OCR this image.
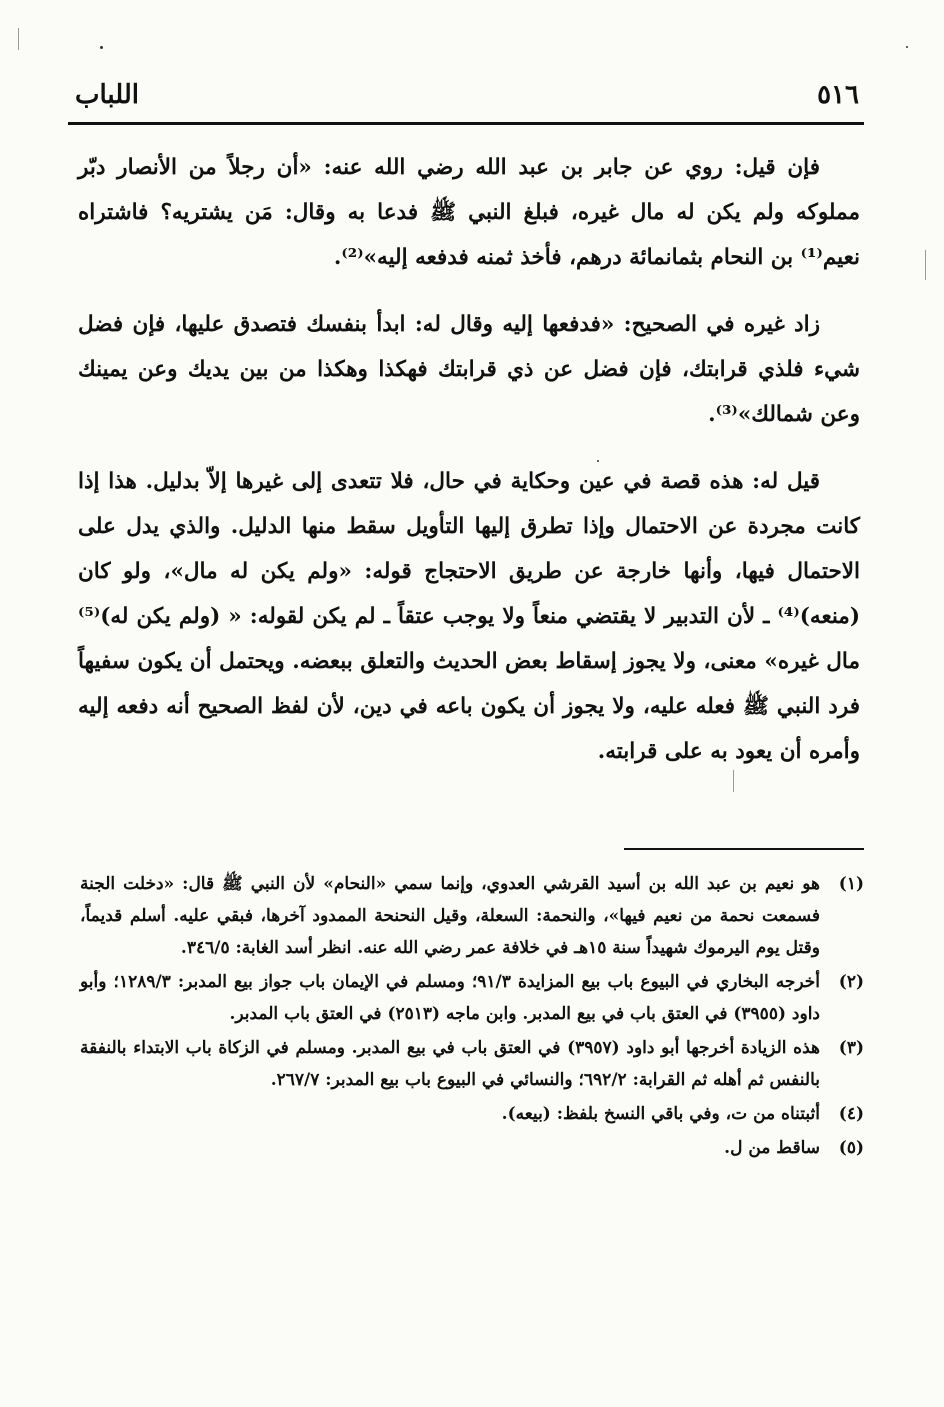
٥١٦
اللباب

فإن قيل: روي عن جابر بن عبد الله رضي الله عنه: «أن رجلاً من الأنصار دبّر مملوكه ولم يكن له مال غيره، فبلغ النبي ﷺ فدعا به وقال: مَن يشتريه؟ فاشتراه نعيم⁽¹⁾ بن النحام بثمانمائة درهم، فأخذ ثمنه فدفعه إليه»⁽²⁾.

زاد غيره في الصحيح: «فدفعها إليه وقال له: ابدأ بنفسك فتصدق عليها، فإن فضل شيء فلذي قرابتك، فإن فضل عن ذي قرابتك فهكذا وهكذا من بين يديك وعن يمينك وعن شمالك»⁽³⁾.

قيل له: هذه قصة في عين وحكاية في حال، فلا تتعدى إلى غيرها إلاّ بدليل. هذا إذا كانت مجردة عن الاحتمال وإذا تطرق إليها التأويل سقط منها الدليل. والذي يدل على الاحتمال فيها، وأنها خارجة عن طريق الاحتجاج قوله: «ولم يكن له مال»، ولو كان (منعه)⁽⁴⁾ ـ لأن التدبير لا يقتضي منعاً ولا يوجب عتقاً ـ لم يكن لقوله: « (ولم يكن له)⁽⁵⁾ مال غيره» معنى، ولا يجوز إسقاط بعض الحديث والتعلق ببعضه. ويحتمل أن يكون سفيهاً فرد النبي ﷺ فعله عليه، ولا يجوز أن يكون باعه في دين، لأن لفظ الصحيح أنه دفعه إليه وأمره أن يعود به على قرابته.

(١)
هو نعيم بن عبد الله بن أسيد القرشي العدوي، وإنما سمي «النحام» لأن النبي ﷺ قال: «دخلت الجنة فسمعت نحمة من نعيم فيها»، والنحمة: السعلة، وقيل النحنحة الممدود آخرها، فبقي عليه. أسلم قديماً، وقتل يوم اليرموك شهيداً سنة ١٥هـ في خلافة عمر رضي الله عنه. انظر أسد الغابة: ٣٤٦/٥.
(٢)
أخرجه البخاري في البيوع باب بيع المزايدة ٩١/٣؛ ومسلم في الإيمان باب جواز بيع المدبر: ١٢٨٩/٣؛ وأبو داود (٣٩٥٥) في العتق باب في بيع المدبر. وابن ماجه (٢٥١٣) في العتق باب المدبر.
(٣)
هذه الزيادة أخرجها أبو داود (٣٩٥٧) في العتق باب في بيع المدبر. ومسلم في الزكاة باب الابتداء بالنفقة بالنفس ثم أهله ثم القرابة: ٦٩٢/٢؛ والنسائي في البيوع باب بيع المدبر: ٢٦٧/٧.
(٤)
أثبتناه من ت، وفي باقي النسخ بلفظ: (بيعه).
(٥)
ساقط من ل.
